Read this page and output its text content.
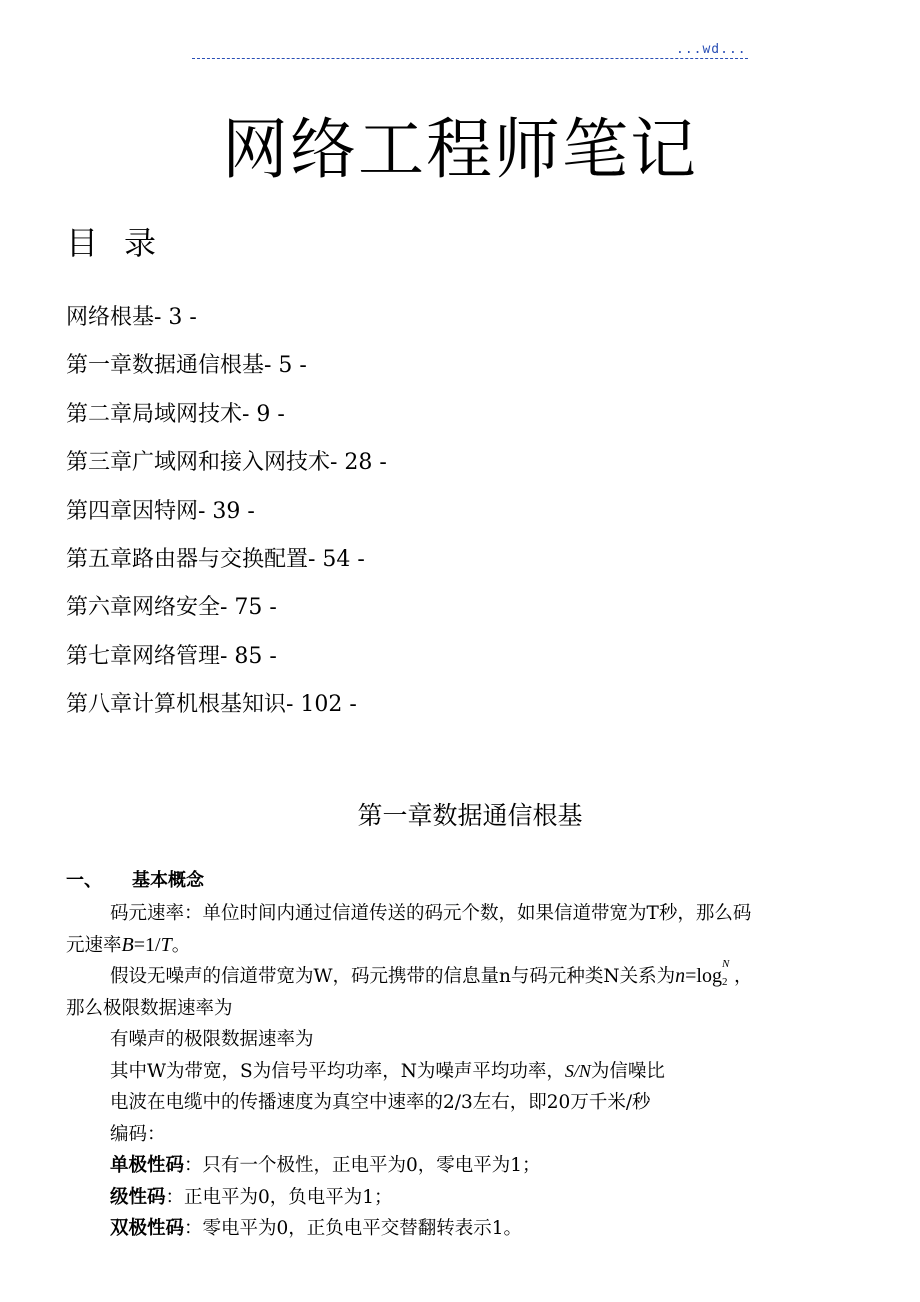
...wd...
网络工程师笔记
目录
网络根基- 3 -
第一章数据通信根基- 5 -
第二章局域网技术- 9 -
第三章广域网和接入网技术- 28 -
第四章因特网- 39 -
第五章路由器与交换配置- 54 -
第六章网络安全- 75 -
第七章网络管理- 85 -
第八章计算机根基知识- 102 -
第一章数据通信根基
一、 基本概念
码元速率：单位时间内通过信道传送的码元个数，如果信道带宽为T秒，那么码
元速率B=1/T。
假设无噪声的信道带宽为W，码元携带的信息量n与码元种类N关系为n=log
N
2 ，
那么极限数据速率为
有噪声的极限数据速率为
其中W为带宽，S为信号平均功率，N为噪声平均功率，S/N为信噪比
电波在电缆中的传播速度为真空中速率的2/3左右，即20万千米/秒
编码：
单极性码：只有一个极性，正电平为0，零电平为1；
级性码：正电平为0，负电平为1；
双极性码：零电平为0，正负电平交替翻转表示1。
